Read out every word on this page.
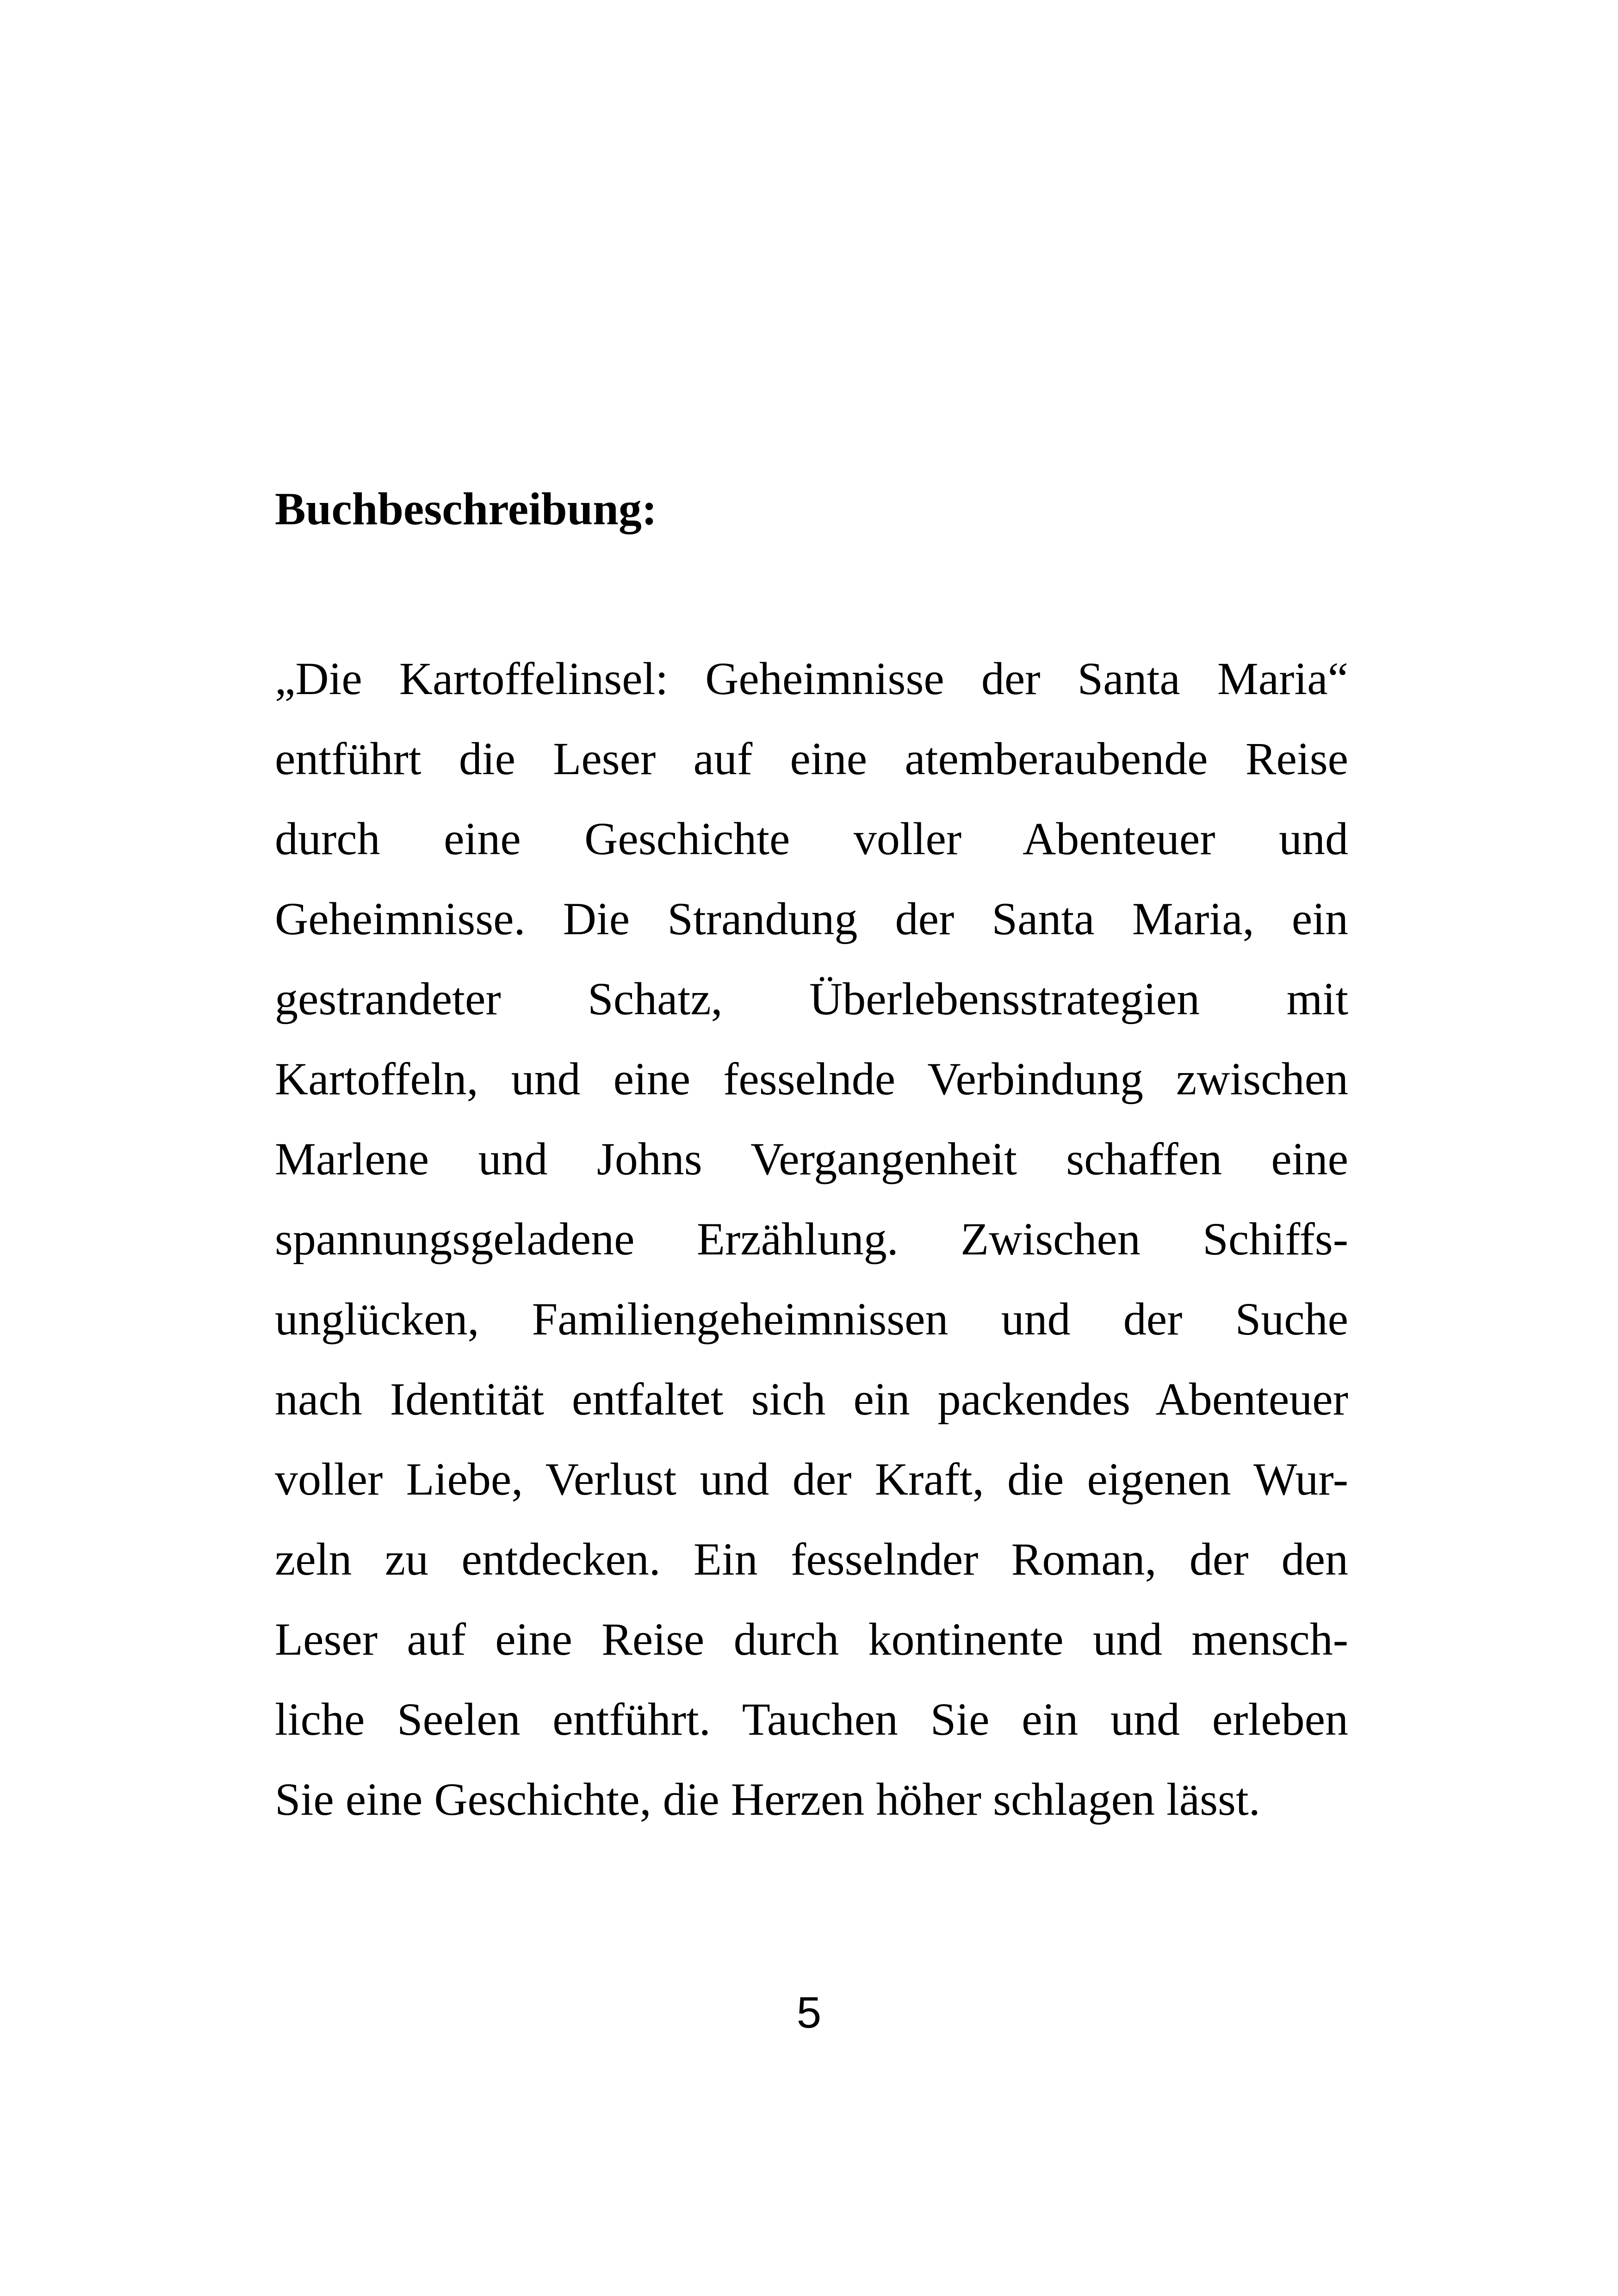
Buchbeschreibung:
„Die Kartoffelinsel: Geheimnisse der Santa Maria“
entführt die Leser auf eine atemberaubende Reise
durch eine Geschichte voller Abenteuer und
Geheimnisse. Die Strandung der Santa Maria, ein
gestrandeter Schatz, Überlebensstrategien mit
Kartoffeln, und eine fesselnde Verbindung zwischen
Marlene und Johns Vergangenheit schaffen eine
spannungsgeladene Erzählung. Zwischen Schiffs-
unglücken, Familiengeheimnissen und der Suche
nach Identität entfaltet sich ein packendes Abenteuer
voller Liebe, Verlust und der Kraft, die eigenen Wur-
zeln zu entdecken. Ein fesselnder Roman, der den
Leser auf eine Reise durch kontinente und mensch-
liche Seelen entführt. Tauchen Sie ein und erleben
Sie eine Geschichte, die Herzen höher schlagen lässt.

5
